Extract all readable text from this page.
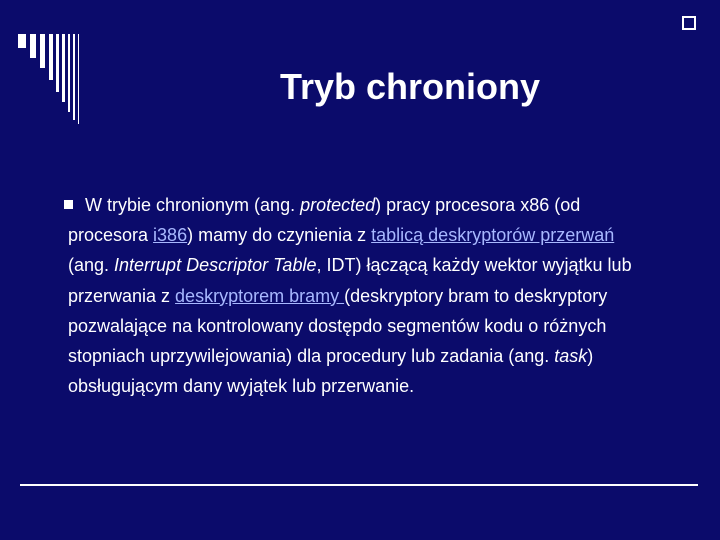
Tryb chroniony

W trybie chronionym (ang. protected) pracy procesora x86 (od procesora i386) mamy do czynienia z tablicą deskryptorów przerwań (ang. Interrupt Descriptor Table, IDT) łączącą każdy wektor wyjątku lub przerwania z deskryptorem bramy (deskryptory bram to deskryptory pozwalające na kontrolowany dostępdo segmentów kodu o różnych stopniach uprzywilejowania) dla procedury lub zadania (ang. task) obsługującym dany wyjątek lub przerwanie.
